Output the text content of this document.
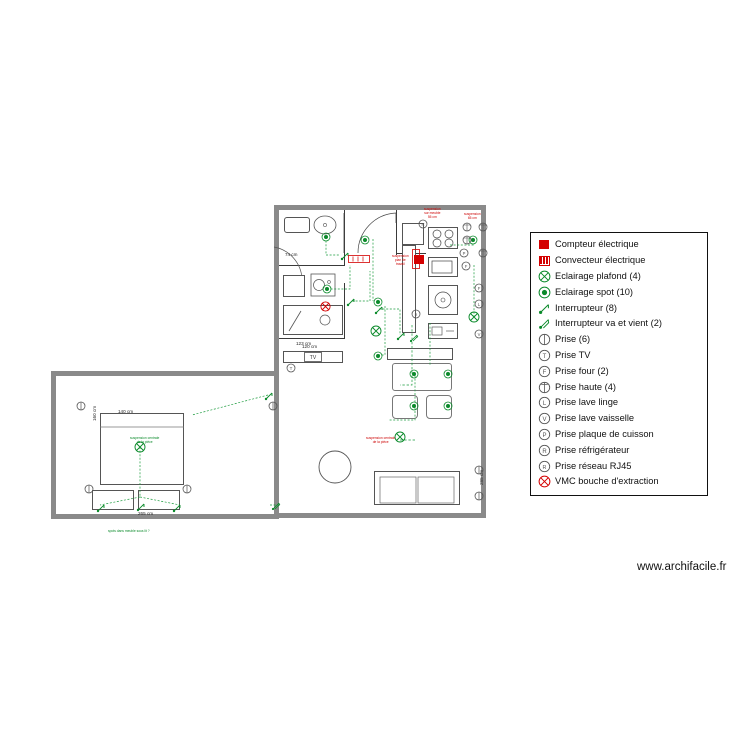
74 cm
123 cm
TV
140 cm
265 cm
160 cm
120 cm
285 cm
suspension
sur meuble
55 cm
suspension
65 cm
suspension
plan de
travail
suspension centrale
de la pièce
suspension centrale
de la pièce
spots dans meuble sous lit ?
T
F
F
L
V
P
R
R
Compteur électrique
Convecteur électrique
Eclairage plafond (4)
Eclairage spot (10)
Interrupteur (8)
Interrupteur va et vient (2)
Prise (6)
T Prise TV
F Prise four (2)
Prise haute (4)
L Prise lave linge
V Prise lave vaisselle
P Prise plaque de cuisson
R Prise réfrigérateur
R Prise réseau RJ45
VMC bouche d'extraction
www.archifacile.fr
